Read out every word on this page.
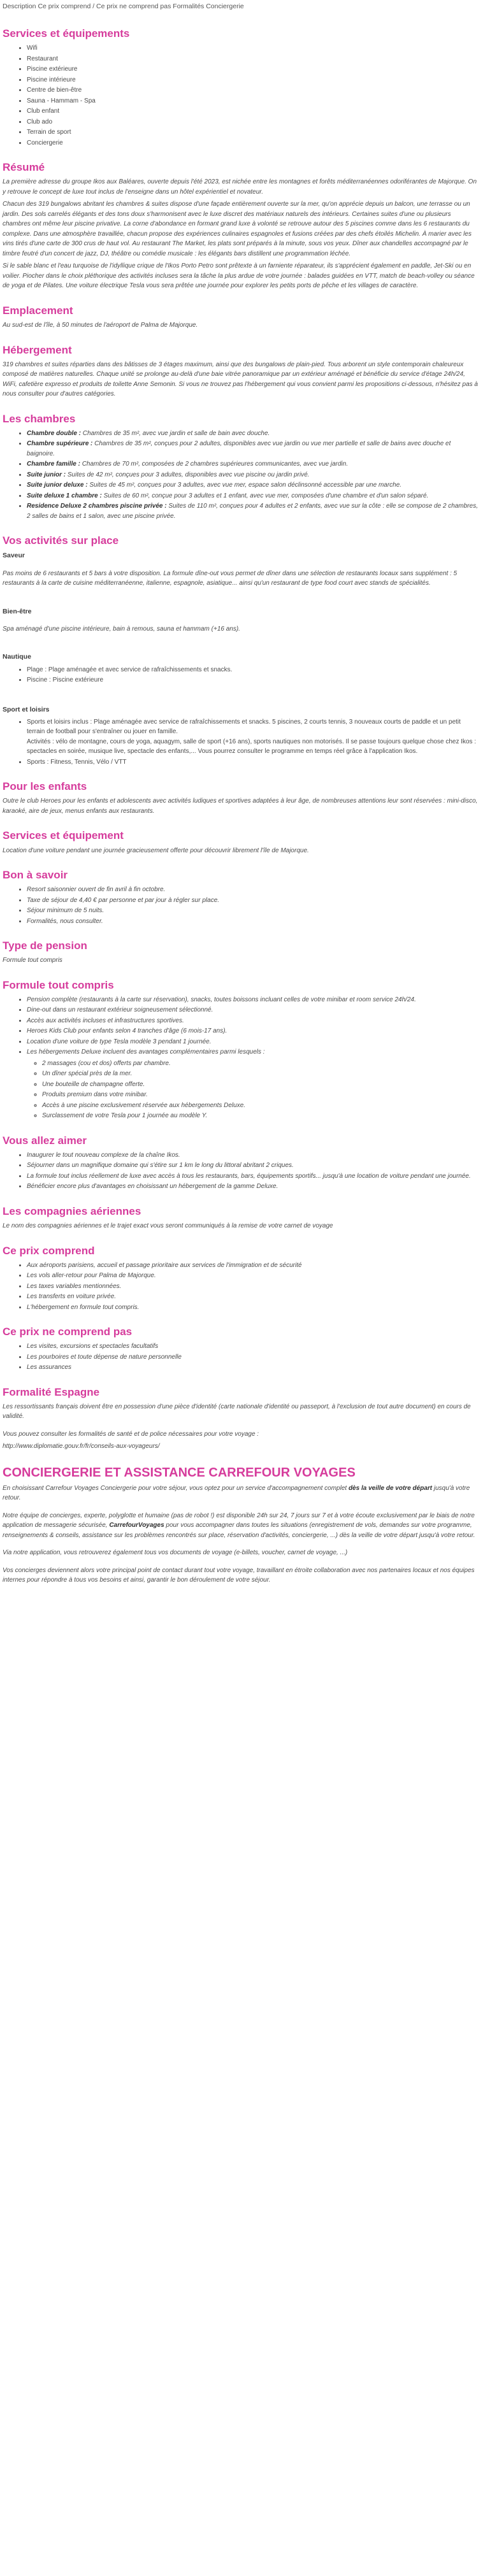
Description Ce prix comprend / Ce prix ne comprend pas Formalités Conciergerie
Services et équipements
• Wifi
• Restaurant
• Piscine extérieure
• Piscine intérieure
• Centre de bien-être
• Sauna - Hammam - Spa
• Club enfant
• Club ado
• Terrain de sport
• Conciergerie
Résumé

La première adresse du groupe Ikos aux Baléares, ouverte depuis l'été 2023, est nichée entre les montagnes et forêts méditerranéennes odoriférantes de Majorque. On y retrouve le concept de luxe tout inclus de l'enseigne dans un hôtel expérientiel et novateur.

Chacun des 319 bungalows abritant les chambres & suites dispose d'une façade entièrement ouverte sur la mer, qu'on apprécie depuis un balcon, une terrasse ou un jardin. Des sols carrelés élégants et des tons doux s'harmonisent avec le luxe discret des matériaux naturels des intérieurs. Certaines suites d'une ou plusieurs chambres ont même leur piscine privative. La corne d'abondance en formant grand luxe à volonté se retrouve autour des 5 piscines comme dans les 6 restaurants du complexe. Dans une atmosphère travaillée, chacun propose des expériences culinaires espagnoles et fusions créées par des chefs étoilés Michelin. À marier avec les vins tirés d'une carte de 300 crus de haut vol. Au restaurant The Market, les plats sont préparés à la minute, sous vos yeux. Dîner aux chandelles accompagné par le timbre feutré d'un concert de jazz, DJ, théâtre ou comédie musicale : les élégants bars distillent une programmation léchée.

Si le sable blanc et l'eau turquoise de l'idyllique crique de l'Ikos Porto Petro sont prêtexte à un farniente réparateur, ils s'apprécient également en paddle, Jet-Ski ou en voilier. Piocher dans le choix pléthorique des activités incluses sera la tâche la plus ardue de votre journée : balades guidées en VTT, match de beach-volley ou séance de yoga et de Pilates. Une voiture électrique Tesla vous sera prêtée une journée pour explorer les petits ports de pêche et les villages de caractère.

Emplacement

Au sud-est de l'île, à 50 minutes de l'aéroport de Palma de Majorque.

Hébergement

319 chambres et suites réparties dans des bâtisses de 3 étages maximum, ainsi que des bungalows de plain-pied. Tous arborent un style contemporain chaleureux composé de matières naturelles. Chaque unité se prolonge au-delà d'une baie vitrée panoramique par un extérieur aménagé et bénéficie du service d'étage 24h/24, WiFi, cafetière expresso et produits de toilette Anne Semonin. Si vous ne trouvez pas l'hébergement qui vous convient parmi les propositions ci-dessous, n'hésitez pas à nous consulter pour d'autres catégories.

Les chambres
• Chambre double : Chambres de 35 m², avec vue jardin et salle de bain avec douche.
• Chambre supérieure : Chambres de 35 m², conçues pour 2 adultes, disponibles avec vue jardin ou vue mer partielle et salle de bains avec douche et baignoire.
• Chambre famille : Chambres de 70 m², composées de 2 chambres supérieures communicantes, avec vue jardin.
• Suite junior : Suites de 42 m², conçues pour 3 adultes, disponibles avec vue piscine ou jardin privé.
• Suite junior deluxe : Suites de 45 m², conçues pour 3 adultes, avec vue mer, espace salon déclinsonné accessible par une marche.
• Suite deluxe 1 chambre : Suites de 60 m², conçue pour 3 adultes et 1 enfant, avec vue mer, composées d'une chambre et d'un salon séparé.
• Residence Deluxe 2 chambres piscine privée : Suites de 110 m², conçues pour 4 adultes et 2 enfants, avec vue sur la côte : elle se compose de 2 chambres, 2 salles de bains et 1 salon, avec une piscine privée.
Vos activités sur place
Saveur

Pas moins de 6 restaurants et 5 bars à votre disposition. La formule dîne-out vous permet de dîner dans une sélection de restaurants locaux sans supplément : 5 restaurants à la carte de cuisine méditerranéenne, italienne, espagnole, asiatique... ainsi qu'un restaurant de type food court avec stands de spécialités.

Bien-être

Spa aménagé d'une piscine intérieure, bain à remous, sauna et hammam (+16 ans).

Nautique
• Plage : Plage aménagée et avec service de rafraîchissements et snacks.
• Piscine : Piscine extérieure
Sport et loisirs
• Sports et loisirs inclus : Plage aménagée avec service de rafraîchissements et snacks. 5 piscines, 2 courts tennis, 3 nouveaux courts de paddle et un petit terrain de football pour s'entraîner ou jouer en famille.
Activités : vélo de montagne, cours de yoga, aquagym, salle de sport (+16 ans), sports nautiques non motorisés. Il se passe toujours quelque chose chez Ikos : spectacles en soirée, musique live, spectacle des enfants,... Vous pourrez consulter le programme en temps réel grâce à l'application Ikos.
• Sports : Fitness, Tennis, Vélo / VTT
Pour les enfants

Outre le club Heroes pour les enfants et adolescents avec activités ludiques et sportives adaptées à leur âge, de nombreuses attentions leur sont réservées : mini-disco, karaoké, aire de jeux, menus enfants aux restaurants.

Services et équipement

Location d'une voiture pendant une journée gracieusement offerte pour découvrir librement l'île de Majorque.

Bon à savoir
• Resort saisonnier ouvert de fin avril à fin octobre.
• Taxe de séjour de 4,40 € par personne et par jour à régler sur place.
• Séjour minimum de 5 nuits.
• Formalités, nous consulter.
Type de pension

Formule tout compris

Formule tout compris
• Pension complète (restaurants à la carte sur réservation), snacks, toutes boissons incluant celles de votre minibar et room service 24h/24.
• Dine-out dans un restaurant extérieur soigneusement sélectionné.
• Accès aux activités incluses et infrastructures sportives.
• Heroes Kids Club pour enfants selon 4 tranches d'âge (6 mois-17 ans).
• Location d'une voiture de type Tesla modèle 3 pendant 1 journée.
• Les hébergements Deluxe incluent des avantages complémentaires parmi lesquels :
◦ 2 massages (cou et dos) offerts par chambre.
◦ Un dîner spécial près de la mer.
◦ Une bouteille de champagne offerte.
◦ Produits premium dans votre minibar.
◦ Accès à une piscine exclusivement réservée aux hébergements Deluxe.
◦ Surclassement de votre Tesla pour 1 journée au modèle Y.
Vous allez aimer
• Inaugurer le tout nouveau complexe de la chaîne Ikos.
• Séjourner dans un magnifique domaine qui s'étire sur 1 km le long du littoral abritant 2 criques.
• La formule tout inclus réellement de luxe avec accès à tous les restaurants, bars, équipements sportifs... jusqu'à une location de voiture pendant une journée.
• Bénéficier encore plus d'avantages en choisissant un hébergement de la gamme Deluxe.
Les compagnies aériennes

Le nom des compagnies aériennes et le trajet exact vous seront communiqués à la remise de votre carnet de voyage

Ce prix comprend
• Aux aéroports parisiens, accueil et passage prioritaire aux services de l'immigration et de sécurité
• Les vols aller-retour pour Palma de Majorque.
• Les taxes variables mentionnées.
• Les transferts en voiture privée.
• L'hébergement en formule tout compris.
Ce prix ne comprend pas
• Les visites, excursions et spectacles facultatifs
• Les pourboires et toute dépense de nature personnelle
• Les assurances
Formalité Espagne

Les ressortissants français doivent être en possession d'une pièce d'identité (carte nationale d'identité ou passeport, à l'exclusion de tout autre document) en cours de validité.

Vous pouvez consulter les formalités de santé et de police nécessaires pour votre voyage :

http://www.diplomatie.gouv.fr/fr/conseils-aux-voyageurs/

CONCIERGERIE ET ASSISTANCE CARREFOUR VOYAGES

En choisissant Carrefour Voyages Conciergerie pour votre séjour, vous optez pour un service d'accompagnement complet dès la veille de votre départ jusqu'à votre retour.

Notre équipe de concierges, experte, polyglotte et humaine (pas de robot !) est disponible 24h sur 24, 7 jours sur 7 et à votre écoute exclusivement par le biais de notre application de messagerie sécurisée, CarrefourVoyages pour vous accompagner dans toutes les situations (enregistrement de vols, demandes sur votre programme, renseignements & conseils, assistance sur les problèmes rencontrés sur place, réservation d'activités, conciergerie, ...) dès la veille de votre départ jusqu'à votre retour.

Via notre application, vous retrouverez également tous vos documents de voyage (e-billets, voucher, carnet de voyage, ...)

Vos concierges deviennent alors votre principal point de contact durant tout votre voyage, travaillant en étroite collaboration avec nos partenaires locaux et nos équipes internes pour répondre à tous vos besoins et ainsi, garantir le bon déroulement de votre séjour.
